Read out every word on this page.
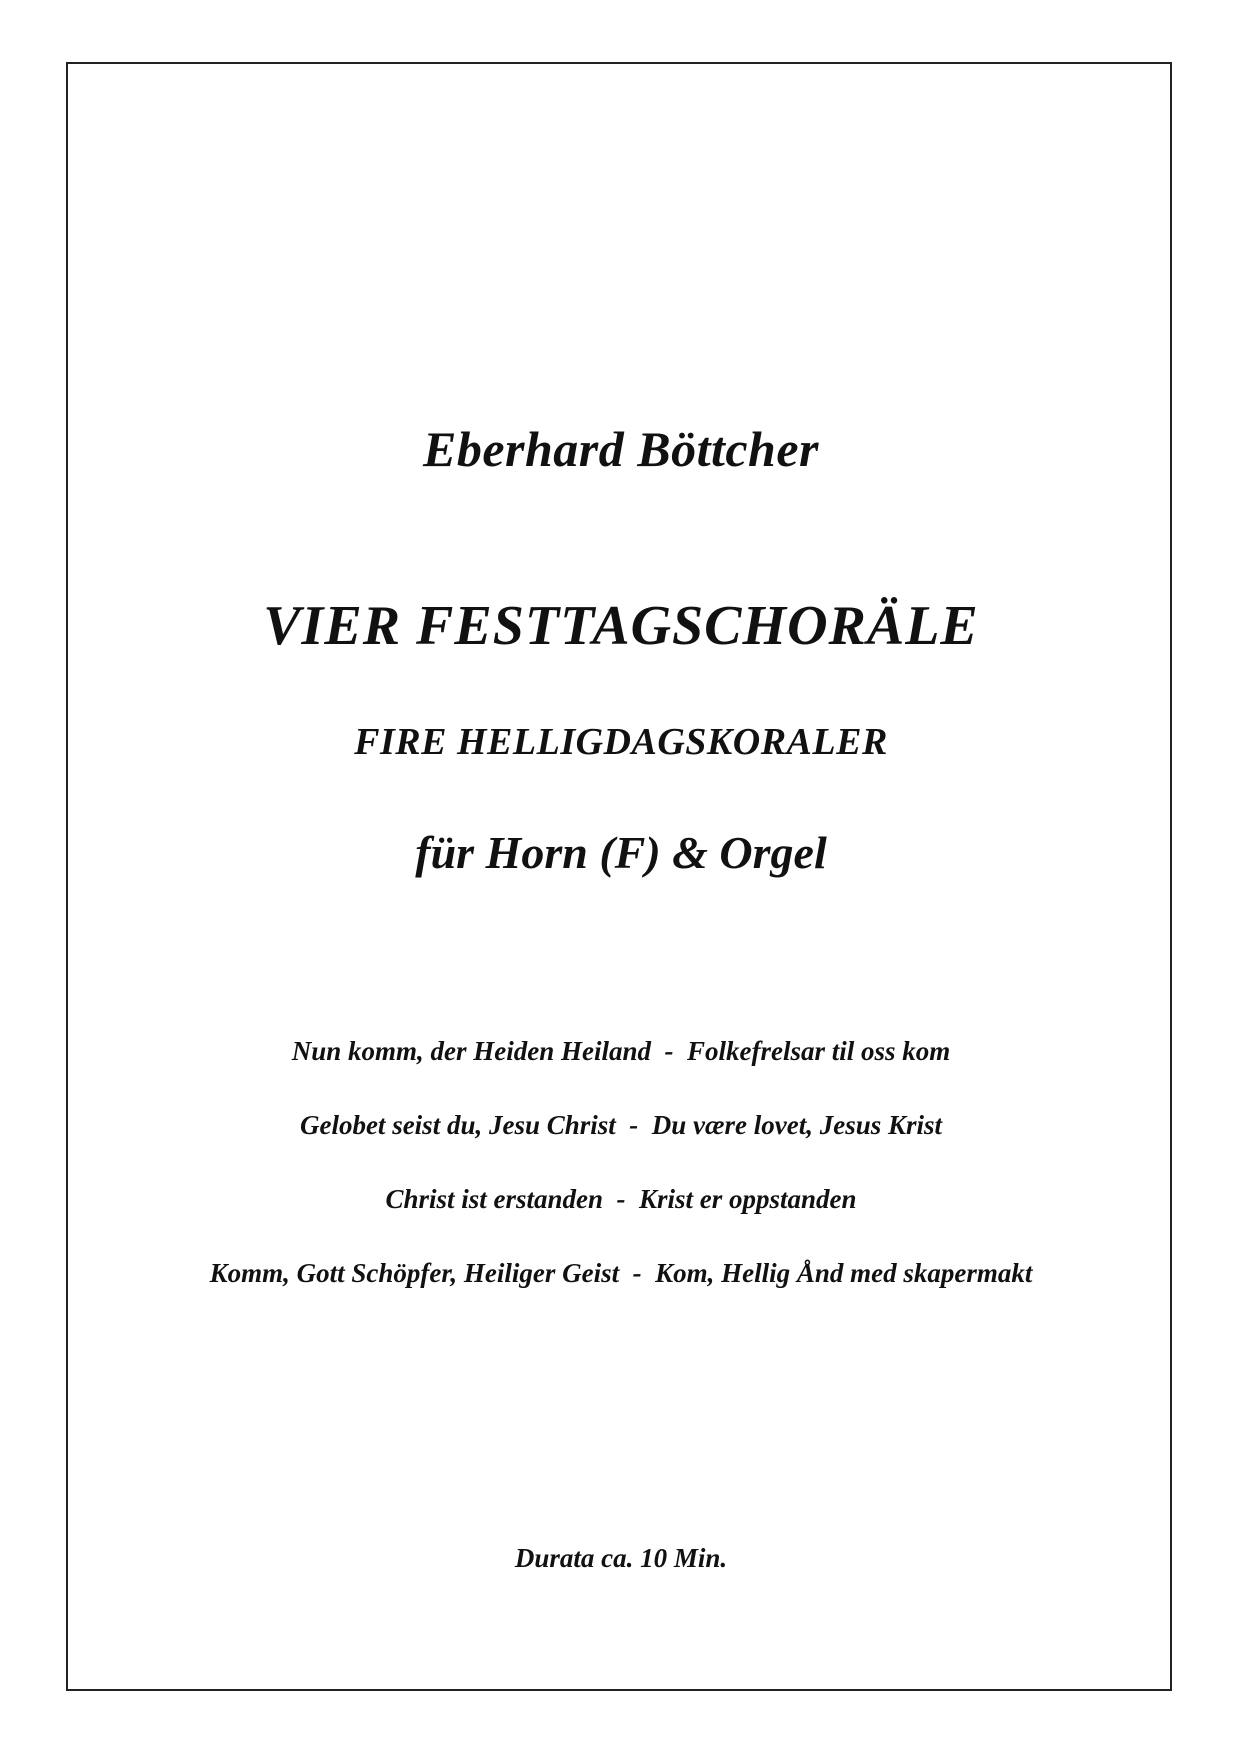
Eberhard Böttcher
VIER FESTTAGSCHORÄLE
FIRE HELLIGDAGSKORALER

für Horn (F) & Orgel

Nun komm, der Heiden Heiland - Folkefrelsar til oss kom

Gelobet seist du, Jesu Christ - Du være lovet, Jesus Krist

Christ ist erstanden - Krist er oppstanden

Komm, Gott Schöpfer, Heiliger Geist - Kom, Hellig Ånd med skapermakt

Durata ca. 10 Min.
